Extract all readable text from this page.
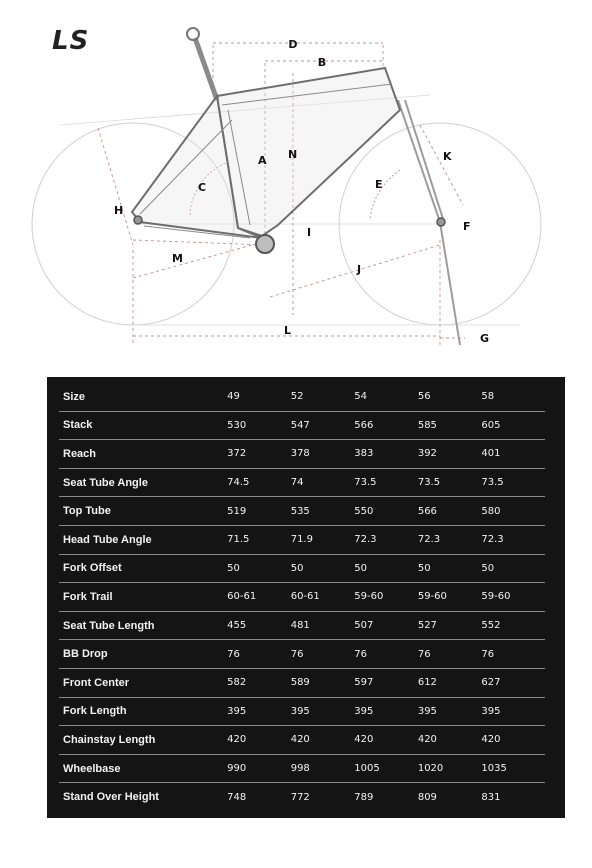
LS	D
B
A N
C	E
K
H
F
I
M
J
L
G
Size	49	52	54	56	58
Stack	530	547	566	585	605
Reach	372	378	383	392	401
Seat Tube Angle	74.5	74	73.5	73.5	73.5
Top Tube	519	535	550	566	580
Head Tube Angle	71.5	71.9	72.3	72.3	72.3
Fork Offset	50	50	50	50	50
Fork Trail	60-61	60-61	59-60	59-60	59-60
Seat Tube Length	455	481	507	527	552
BB Drop	76	76	76	76	76
Front Center	582	589	597	612	627
Fork Length	395	395	395	395	395
Chainstay Length	420	420	420	420	420
Wheelbase	990	998	1005	1020	1035
Stand Over Height	748	772	789	809	831
